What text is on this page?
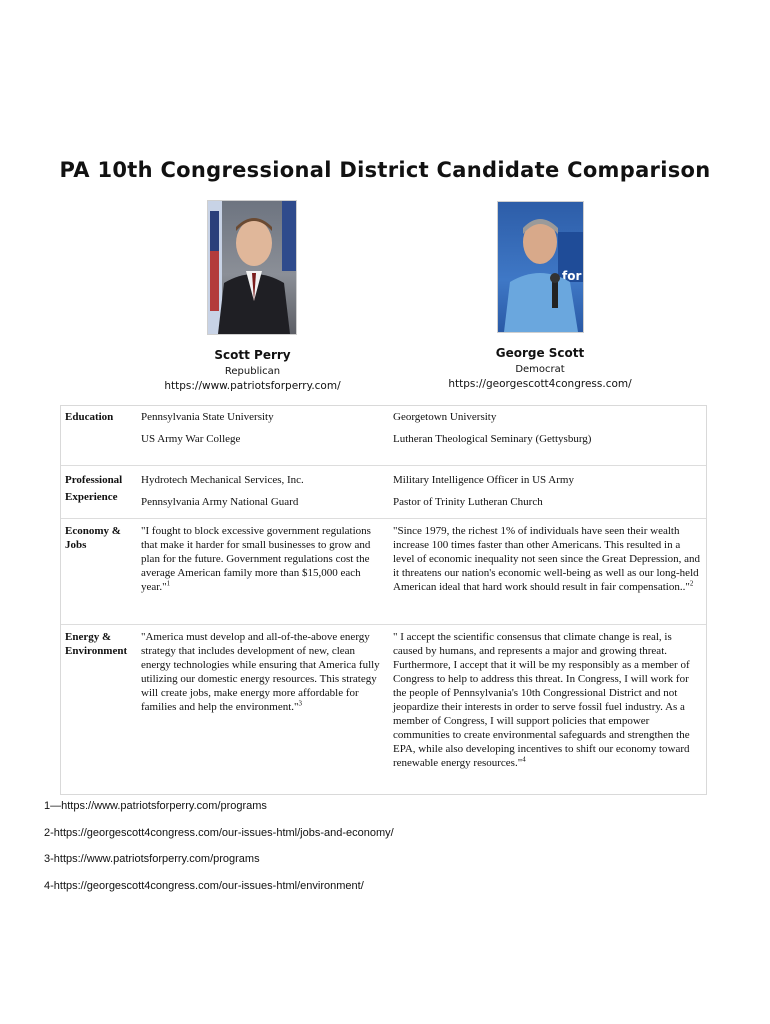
PA 10th Congressional District Candidate Comparison
for
Scott Perry
Republican
https://www.patriotsforperry.com/
George Scott
Democrat
https://georgescott4congress.com/
Education	Pennsylvania State University
US Army War College
Georgetown University
Lutheran Theological Seminary (Gettysburg)
Professional
Experience
Hydrotech Mechanical Services, Inc.
Pennsylvania Army National Guard
Military Intelligence Officer in US Army
Pastor of Trinity Lutheran Church
Economy &
Jobs
"I fought to block excessive government regulations that make it harder for small businesses to grow and plan for the future. Government regulations cost the average American family more than $15,000 each year."$^1$
"Since 1979, the richest 1% of individuals have seen their wealth increase 100 times faster than other Americans. This resulted in a level of economic inequality not seen since the Great Depression, and it threatens our nation's economic well-being as well as our long-held American ideal that hard work should result in fair compensation.."$^2$
Energy &
Environment
"America must develop and all-of-the-above energy strategy that includes development of new, clean energy technologies while ensuring that America fully utilizing our domestic energy resources. This strategy will create jobs, make energy more affordable for families and help the environment."$^3$
" I accept the scientific consensus that climate change is real, is caused by humans, and represents a major and growing threat. Furthermore, I accept that it will be my responsibly as a member of Congress to help to address this threat. In Congress, I will work for the people of Pennsylvania's 10th Congressional District and not jeopardize their interests in order to serve fossil fuel industry. As a member of Congress, I will support policies that empower communities to create environmental safeguards and strengthen the EPA, while also developing incentives to shift our economy toward renewable energy resources."$^4$
1—https://www.patriotsforperry.com/programs
2-https://georgescott4congress.com/our-issues-html/jobs-and-economy/
3-https://www.patriotsforperry.com/programs
4-https://georgescott4congress.com/our-issues-html/environment/
